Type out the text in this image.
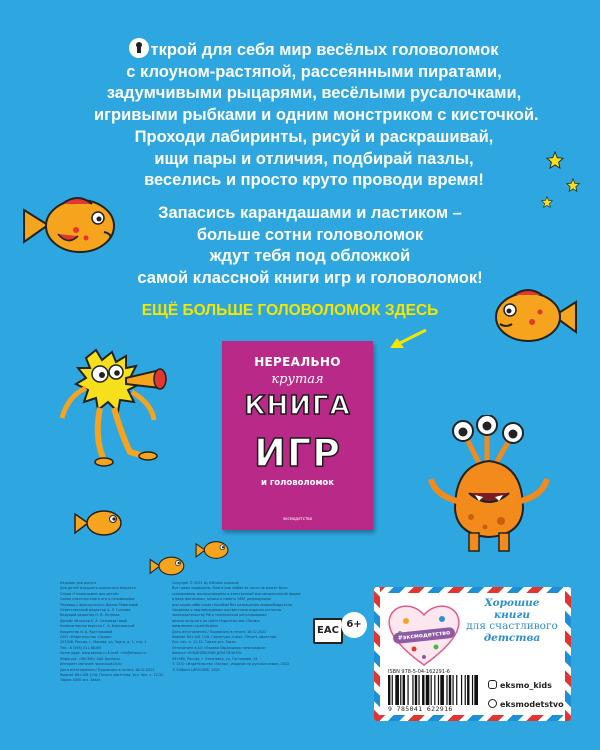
ткрой для себя мир весёлых головоломок
с клоуном-растяпой, рассеянными пиратами,
задумчивыми рыцарями, весёлыми русалочками,
игривыми рыбками и одним монстриком с кисточкой.
Проходи лабиринты, рисуй и раскрашивай,
ищи пары и отличия, подбирай пазлы,
веселись и просто круто проводи время!
Запасись карандашами и ластиком –
больше сотни головоломок
ждут тебя под обложкой
самой классной книги игр и головоломок!
ЕЩЁ БОЛЬШЕ ГОЛОВОЛОМОК ЗДЕСЬ
НЕРЕАЛЬНО
крутая
КНИГА
ИГР
и головоломок
эксмодетство
Издание для досуга
Для детей младшего школьного возраста
Серия «Головоломки для детей»
Самая классная книга игр и головоломок
Перевод с французского Ирины Романовой
Ответственный редактор А. Л. Гресова
Ведущий редактор Н. В. Петрова
Дизайн обложки Е. А. Селиверстовой
Компьютерная верстка Г. А. Березовской
Корректор И. А. Кругляковой
ООО «Издательство «Эксмо»
123308, Россия, г. Москва, ул. Зорге, д. 1, стр. 1
Тел.: 8 (495) 411-68-86
Home page: www.eksmo.ru E-mail: info@eksmo.ru
Өндіруші: «ЭКСМО» АҚБ Баспасы
Интернет-магазин: www.book24.kz
Дата изготовления / Подписано в печать 18.02.2022
Формат 84×108 1/16. Печать офсетная. Усл. печ. л. 12,32
Тираж 4000 экз. Заказ
Copyright © 2021 by Editions Larousse
Все права защищены. Книга или любая ее часть не может быть
скопирована, воспроизведена в электронной или механической форме
в виде фотокопии, записи в память ЭВМ, репродукции
или каким-либо иным способом без разрешения правообладателя.
Сведения о подтверждении соответствия издания согласно
законодательству РФ о техническом регулировании
можно получить на сайте Издательства «Эксмо»
www.eksmo.ru/certification
Дата изготовления / Подписано в печать 18.02.2022
Формат 84×108 1/16. Гарнитура «Lato». Печать офсетная.
Усл. печ. л. 12,32. Тираж экз. Заказ
Отпечатано в АО «Первая Образцовая типография»
Филиал «УЛЬЯНОВСКИЙ ДОМ ПЕЧАТИ»
432980, Россия, г. Ульяновск, ул. Гончарова, 14
© ООО «Издательство «Эксмо», издание на русском языке, 2022
© Editions LAROUSSE, 2021
EAC
6+
#эксмодетство
Хорошие
книги
для счастливого
детства
ISBN 978-5-04-162291-6
9 785041 622916
eksmo_kids
eksmodetstvo
